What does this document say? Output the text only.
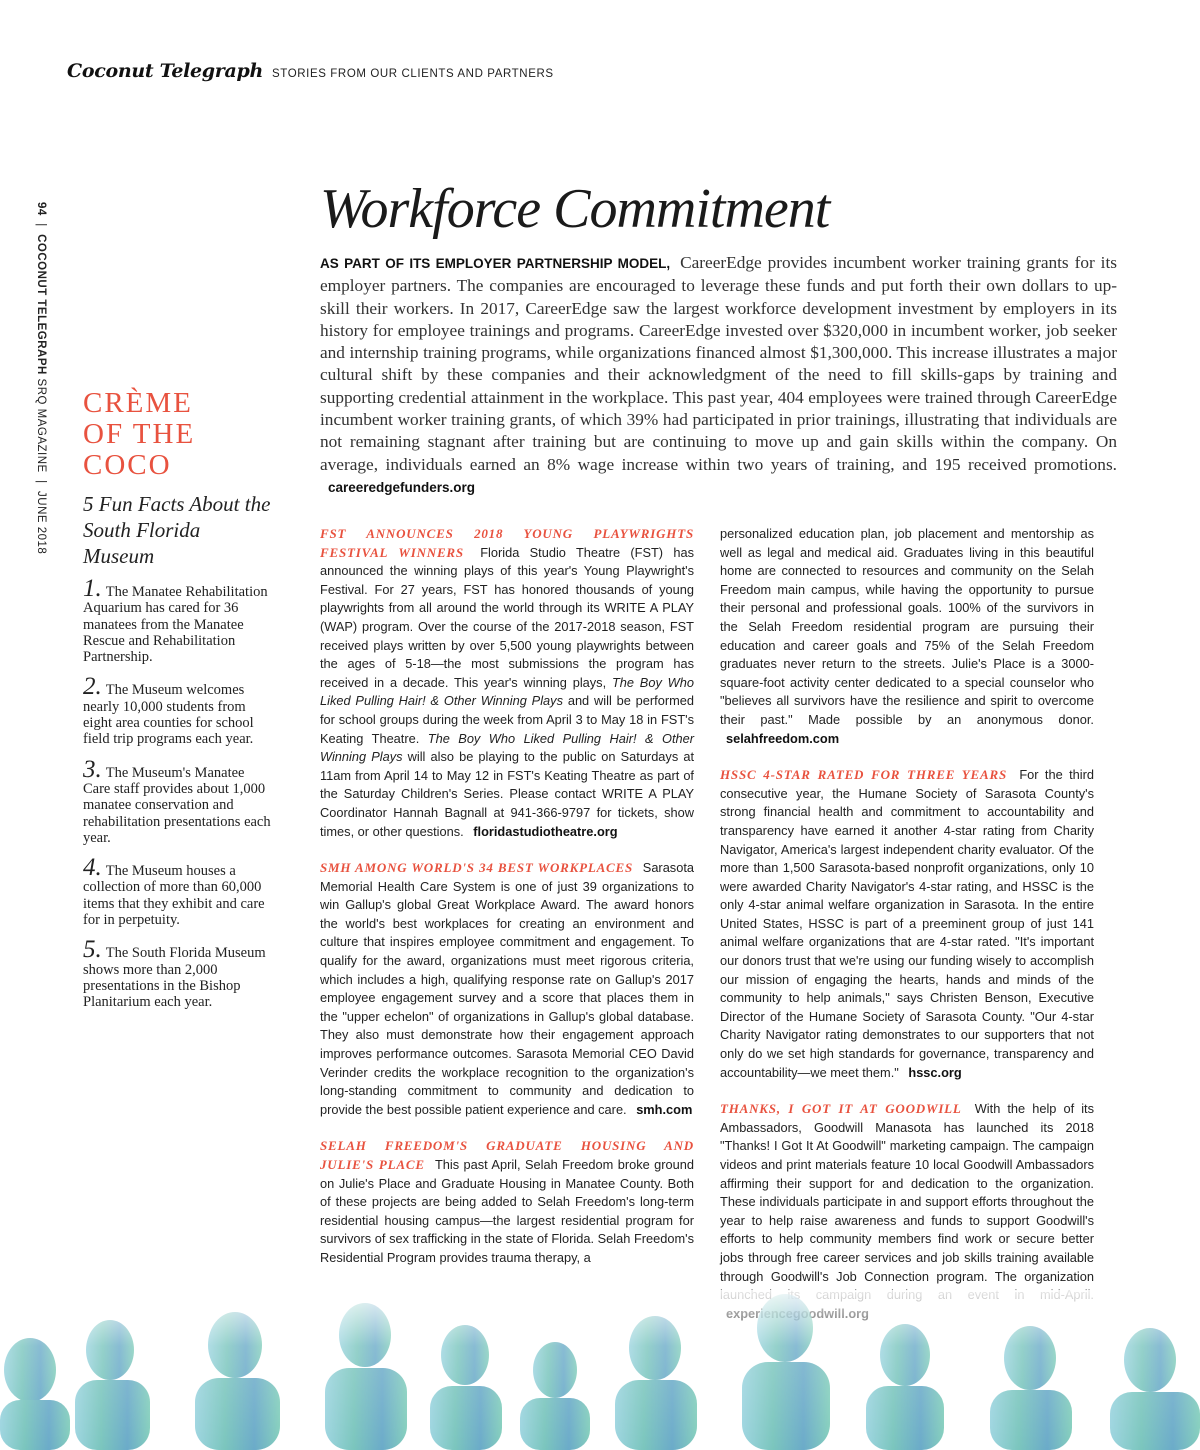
Coconut Telegraph STORIES FROM OUR CLIENTS AND PARTNERS
94  |  COCONUT TELEGRAPH SRQ MAGAZINE  |  JUNE 2018
CRÈME
OF THE
COCO
5 Fun Facts About the South Florida Museum
1. The Manatee Rehabilitation Aquarium has cared for 36 manatees from the Manatee Rescue and Rehabilitation Partnership.
2. The Museum welcomes nearly 10,000 students from eight area counties for school field trip programs each year.
3. The Museum's Manatee Care staff provides about 1,000 manatee conservation and rehabilitation presentations each year.
4. The Museum houses a collection of more than 60,000 items that they exhibit and care for in perpetuity.
5. The South Florida Museum shows more than 2,000 presentations in the Bishop Planitarium each year.
Workforce Commitment

AS PART OF ITS EMPLOYER PARTNERSHIP MODEL, CareerEdge provides incumbent worker training grants for its employer partners. The companies are encouraged to leverage these funds and put forth their own dollars to up-skill their workers. In 2017, CareerEdge saw the largest workforce development investment by employers in its history for employee trainings and programs. CareerEdge invested over $320,000 in incumbent worker, job seeker and internship training programs, while organizations financed almost $1,300,000. This increase illustrates a major cultural shift by these companies and their acknowledgment of the need to fill skills-gaps by training and supporting credential attainment in the workplace. This past year, 404 employees were trained through CareerEdge incumbent worker training grants, of which 39% had participated in prior trainings, illustrating that individuals are not remaining stagnant after training but are continuing to move up and gain skills within the company. On average, individuals earned an 8% wage increase within two years of training, and 195 received promotions. careeredgefunders.org

FST ANNOUNCES 2018 YOUNG PLAYWRIGHTS FESTIVAL WINNERS Florida Studio Theatre (FST) has announced the winning plays of this year's Young Playwright's Festival. For 27 years, FST has honored thousands of young playwrights from all around the world through its WRITE A PLAY (WAP) program. Over the course of the 2017-2018 season, FST received plays written by over 5,500 young playwrights between the ages of 5-18—the most submissions the program has received in a decade. This year's winning plays, The Boy Who Liked Pulling Hair! & Other Winning Plays and will be performed for school groups during the week from April 3 to May 18 in FST's Keating Theatre. The Boy Who Liked Pulling Hair! & Other Winning Plays will also be playing to the public on Saturdays at 11am from April 14 to May 12 in FST's Keating Theatre as part of the Saturday Children's Series. Please contact WRITE A PLAY Coordinator Hannah Bagnall at 941-366-9797 for tickets, show times, or other questions. floridastudiotheatre.org

SMH AMONG WORLD'S 34 BEST WORKPLACES Sarasota Memorial Health Care System is one of just 39 organizations to win Gallup's global Great Workplace Award. The award honors the world's best workplaces for creating an environment and culture that inspires employee commitment and engagement. To qualify for the award, organizations must meet rigorous criteria, which includes a high, qualifying response rate on Gallup's 2017 employee engagement survey and a score that places them in the "upper echelon" of organizations in Gallup's global database. They also must demonstrate how their engagement approach improves performance outcomes. Sarasota Memorial CEO David Verinder credits the workplace recognition to the organization's long-standing commitment to community and dedication to provide the best possible patient experience and care. smh.com

SELAH FREEDOM'S GRADUATE HOUSING AND JULIE'S PLACE This past April, Selah Freedom broke ground on Julie's Place and Graduate Housing in Manatee County. Both of these projects are being added to Selah Freedom's long-term residential housing campus—the largest residential program for survivors of sex trafficking in the state of Florida. Selah Freedom's Residential Program provides trauma therapy, a

personalized education plan, job placement and mentorship as well as legal and medical aid. Graduates living in this beautiful home are connected to resources and community on the Selah Freedom main campus, while having the opportunity to pursue their personal and professional goals. 100% of the survivors in the Selah Freedom residential program are pursuing their education and career goals and 75% of the Selah Freedom graduates never return to the streets. Julie's Place is a 3000-square-foot activity center dedicated to a special counselor who "believes all survivors have the resilience and spirit to overcome their past." Made possible by an anonymous donor. selahfreedom.com

HSSC 4-STAR RATED FOR THREE YEARS For the third consecutive year, the Humane Society of Sarasota County's strong financial health and commitment to accountability and transparency have earned it another 4-star rating from Charity Navigator, America's largest independent charity evaluator. Of the more than 1,500 Sarasota-based nonprofit organizations, only 10 were awarded Charity Navigator's 4-star rating, and HSSC is the only 4-star animal welfare organization in Sarasota. In the entire United States, HSSC is part of a preeminent group of just 141 animal welfare organizations that are 4-star rated. "It's important our donors trust that we're using our funding wisely to accomplish our mission of engaging the hearts, hands and minds of the community to help animals," says Christen Benson, Executive Director of the Humane Society of Sarasota County. "Our 4-star Charity Navigator rating demonstrates to our supporters that not only do we set high standards for governance, transparency and accountability—we meet them." hssc.org

THANKS, I GOT IT AT GOODWILL With the help of its Ambassadors, Goodwill Manasota has launched its 2018 "Thanks! I Got It At Goodwill" marketing campaign. The campaign videos and print materials feature 10 local Goodwill Ambassadors affirming their support for and dedication to the organization. These individuals participate in and support efforts throughout the year to help raise awareness and funds to support Goodwill's efforts to help community members find work or secure better jobs through free career services and job skills training available through Goodwill's Job Connection program. The organization
